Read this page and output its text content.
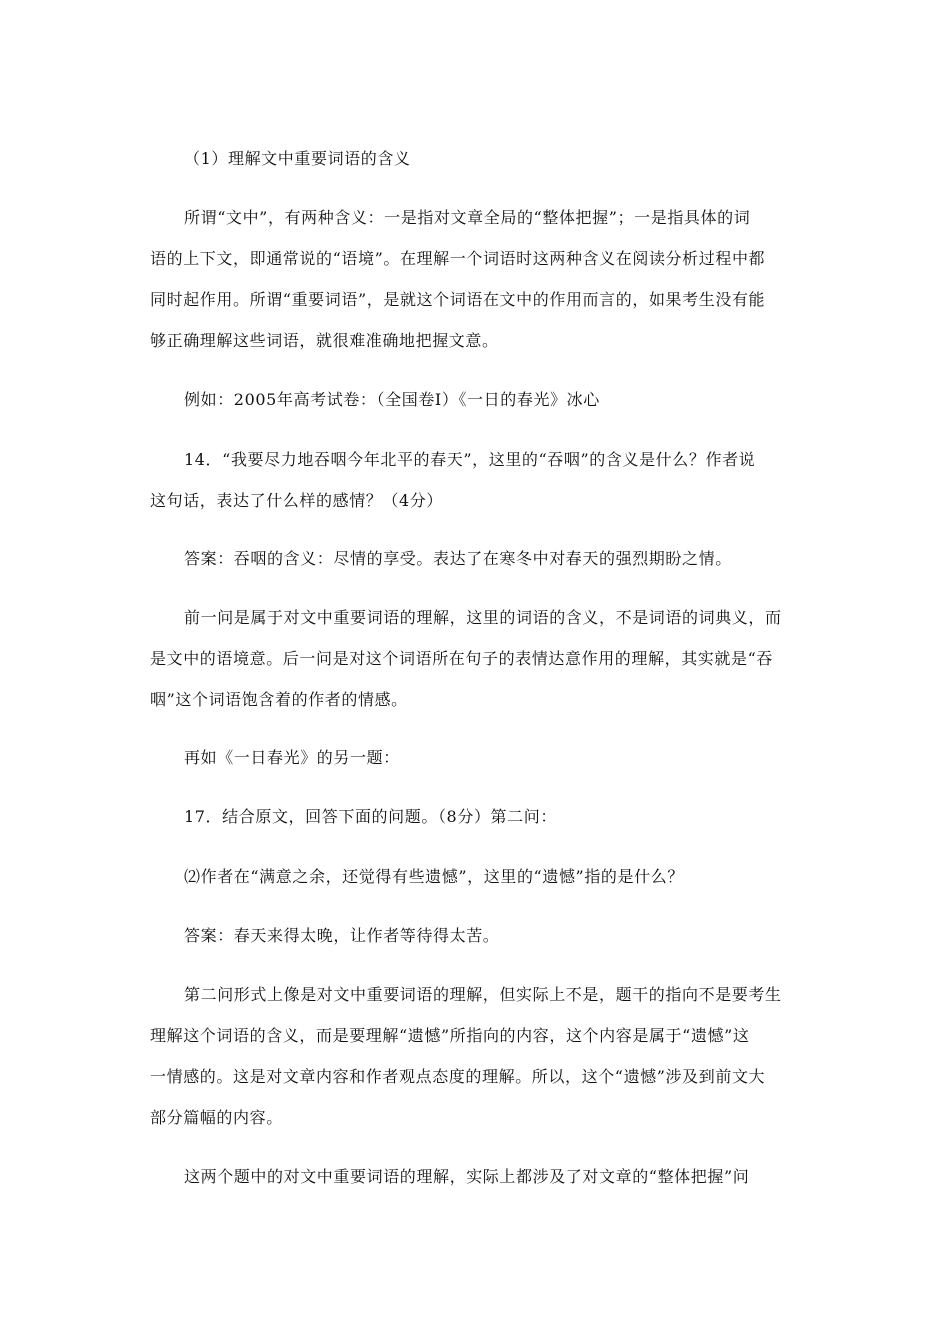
（1）理解文中重要词语的含义
所谓“文中”，有两种含义：一是指对文章全局的“整体把握”；一是指具体的词
语的上下文，即通常说的“语境”。在理解一个词语时这两种含义在阅读分析过程中都
同时起作用。所谓“重要词语”，是就这个词语在文中的作用而言的，如果考生没有能
够正确理解这些词语，就很难准确地把握文意。
例如：2005年高考试卷：（全国卷Ⅰ）《一日的春光》冰心
14．“我要尽力地吞咽今年北平的春天”，这里的“吞咽”的含义是什么？作者说
这句话，表达了什么样的感情？（4分）
答案：吞咽的含义：尽情的享受。表达了在寒冬中对春天的强烈期盼之情。
前一问是属于对文中重要词语的理解，这里的词语的含义，不是词语的词典义，而
是文中的语境意。后一问是对这个词语所在句子的表情达意作用的理解，其实就是“吞
咽”这个词语饱含着的作者的情感。
再如《一日春光》的另一题：
17．结合原文，回答下面的问题。（8分）第二问：
⑵作者在“满意之余，还觉得有些遗憾”，这里的“遗憾”指的是什么？
答案：春天来得太晚，让作者等待得太苦。
第二问形式上像是对文中重要词语的理解，但实际上不是，题干的指向不是要考生
理解这个词语的含义，而是要理解“遗憾”所指向的内容，这个内容是属于“遗憾”这
一情感的。这是对文章内容和作者观点态度的理解。所以，这个“遗憾”涉及到前文大
部分篇幅的内容。
这两个题中的对文中重要词语的理解，实际上都涉及了对文章的“整体把握”问
